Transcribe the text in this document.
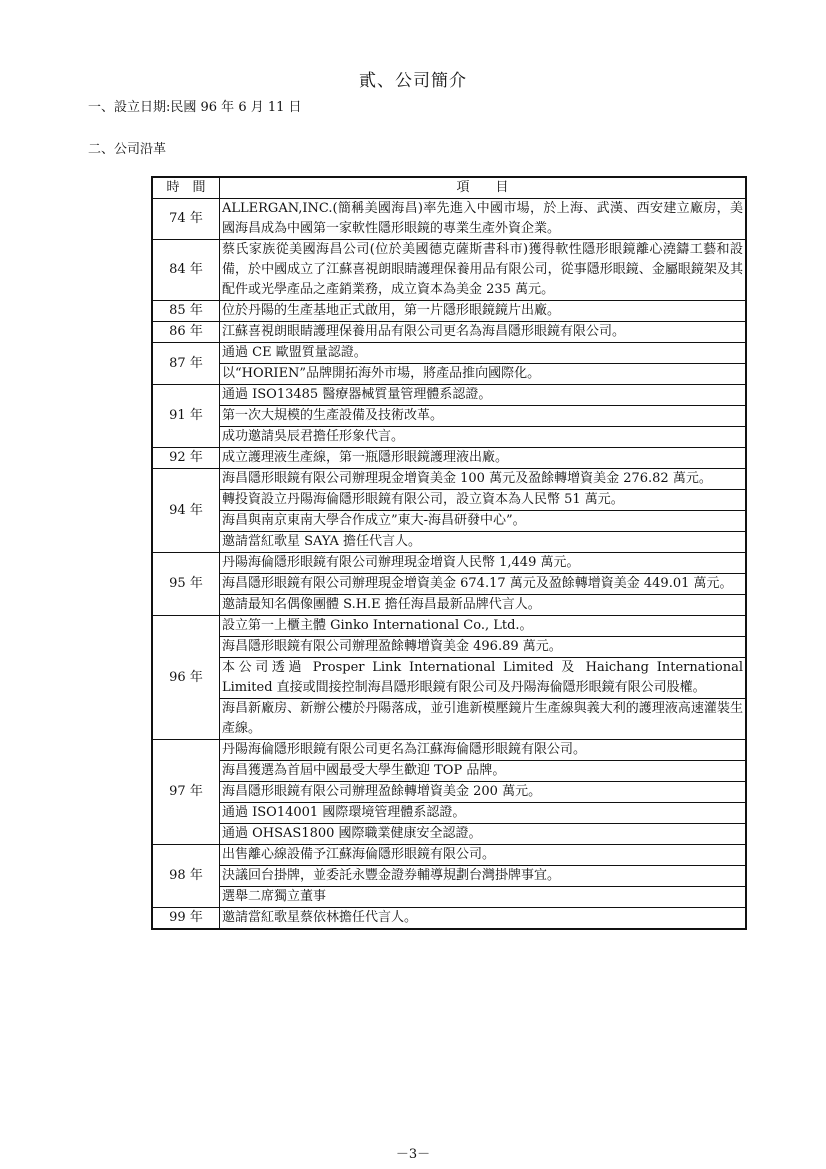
貳、公司簡介
一、設立日期:民國 96 年 6 月 11 日
二、公司沿革
時　間	項　　目
74 年	ALLERGAN,INC.(簡稱美國海昌)率先進入中國市場，於上海、武漢、西安建立廠房，美國海昌成為中國第一家軟性隱形眼鏡的專業生產外資企業。
84 年	蔡氏家族從美國海昌公司(位於美國德克薩斯書科市)獲得軟性隱形眼鏡離心澆鑄工藝和設備，於中國成立了江蘇喜視朗眼睛護理保養用品有限公司，從事隱形眼鏡、金屬眼鏡架及其配件或光學產品之產銷業務，成立資本為美金 235 萬元。
85 年	位於丹陽的生產基地正式啟用，第一片隱形眼鏡鏡片出廠。
86 年	江蘇喜視朗眼睛護理保養用品有限公司更名為海昌隱形眼鏡有限公司。
87 年	通過 CE 歐盟質量認證。
	以“HORIEN”品牌開拓海外市場，將產品推向國際化。
91 年	通過 ISO13485 醫療器械質量管理體系認證。
	第一次大規模的生產設備及技術改革。
	成功邀請吳辰君擔任形象代言。
92 年	成立護理液生產線，第一瓶隱形眼鏡護理液出廠。
94 年	海昌隱形眼鏡有限公司辦理現金增資美金 100 萬元及盈餘轉增資美金 276.82 萬元。
	轉投資設立丹陽海倫隱形眼鏡有限公司，設立資本為人民幣 51 萬元。
	海昌與南京東南大學合作成立”東大-海昌研發中心”。
	邀請當紅歌星 SAYA 擔任代言人。
95 年	丹陽海倫隱形眼鏡有限公司辦理現金增資人民幣 1,449 萬元。
	海昌隱形眼鏡有限公司辦理現金增資美金 674.17 萬元及盈餘轉增資美金 449.01 萬元。
	邀請最知名偶像團體 S.H.E 擔任海昌最新品牌代言人。
96 年	設立第一上櫃主體 Ginko International Co., Ltd.。
	海昌隱形眼鏡有限公司辦理盈餘轉增資美金 496.89 萬元。
	本公司透過 Prosper Link International Limited 及 Haichang International Limited 直接或間接控制海昌隱形眼鏡有限公司及丹陽海倫隱形眼鏡有限公司股權。
	海昌新廠房、新辦公樓於丹陽落成，並引進新模壓鏡片生產線與義大利的護理液高速灌裝生產線。
97 年	丹陽海倫隱形眼鏡有限公司更名為江蘇海倫隱形眼鏡有限公司。
	海昌獲選為首屆中國最受大學生歡迎 TOP 品牌。
	海昌隱形眼鏡有限公司辦理盈餘轉增資美金 200 萬元。
	通過 ISO14001 國際環境管理體系認證。
	通過 OHSAS1800 國際職業健康安全認證。
98 年	出售離心線設備予江蘇海倫隱形眼鏡有限公司。
	決議回台掛牌，並委託永豐金證券輔導規劃台灣掛牌事宜。
	選舉二席獨立董事
99 年	邀請當紅歌星蔡依林擔任代言人。
－3－
